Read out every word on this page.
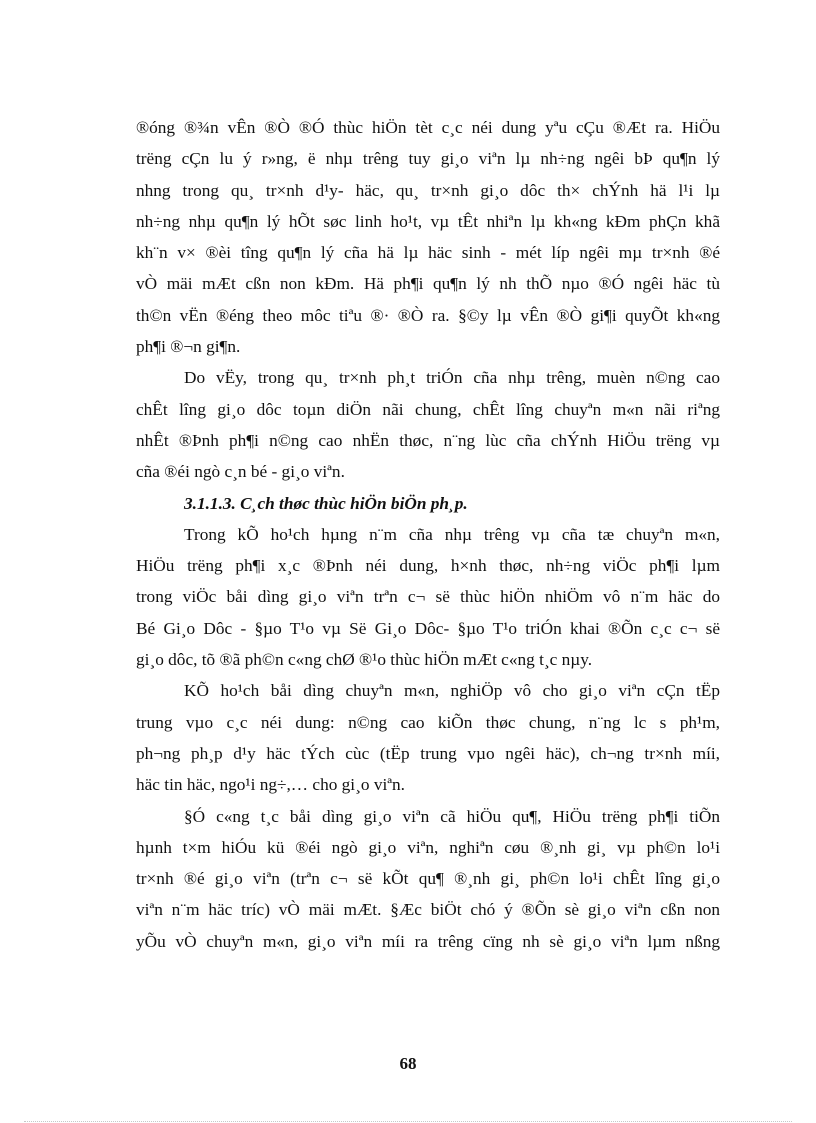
®óng ®¾n vÊn ®Ò ®Ó thùc hiÖn tèt c¸c néi dung yªu cÇu ®Æt ra. HiÖu
trëng cÇn lu ý r»ng, ë nhµ trêng tuy gi¸o viªn lµ nh÷ng ngêi bÞ qu¶n lý
nhng trong qu¸ tr×nh d¹y- häc, qu¸ tr×nh gi¸o dôc th× chÝnh hä l¹i lµ
nh÷ng nhµ qu¶n lý hÕt søc linh ho¹t, vµ tÊt nhiªn lµ kh«ng kÐm phÇn khã
kh¨n v× ®èi tîng qu¶n lý cña hä lµ häc sinh - mét líp ngêi mµ tr×nh ®é
vÒ mäi mÆt cßn non kÐm. Hä ph¶i qu¶n lý nh thÕ nµo ®Ó ngêi häc tù
th©n vËn ®éng theo môc tiªu ®· ®Ò ra. §©y lµ vÊn ®Ò gi¶i quyÕt kh«ng
ph¶i ®¬n gi¶n.

Do vËy, trong qu¸ tr×nh ph¸t triÓn cña nhµ trêng, muèn n©ng cao
chÊt lîng gi¸o dôc toµn diÖn nãi chung, chÊt lîng chuyªn m«n nãi riªng
nhÊt ®Þnh ph¶i n©ng cao nhËn thøc, n¨ng lùc cña chÝnh HiÖu trëng vµ
cña ®éi ngò c¸n bé - gi¸o viªn.

3.1.1.3. C¸ch thøc thùc hiÖn biÖn ph¸p.

Trong kÕ ho¹ch hµng n¨m cña nhµ trêng vµ cña tæ chuyªn m«n,
HiÖu trëng ph¶i x¸c ®Þnh néi dung, h×nh thøc, nh÷ng viÖc ph¶i lµm
trong viÖc båi dìng gi¸o viªn trªn c¬ së thùc hiÖn nhiÖm vô n¨m häc do
Bé Gi¸o Dôc - §µo T¹o vµ Së Gi¸o Dôc- §µo T¹o triÓn khai ®Õn c¸c c¬ së
gi¸o dôc, tõ ®ã ph©n c«ng chØ ®¹o thùc hiÖn mÆt c«ng t¸c nµy.

KÕ ho¹ch båi dìng chuyªn m«n, nghiÖp vô cho gi¸o viªn cÇn tËp
trung vµo c¸c néi dung: n©ng cao kiÕn thøc chung, n¨ng lc s ph¹m,
ph¬ng ph¸p d¹y häc tÝch cùc (tËp trung vµo ngêi häc), ch¬ng tr×nh míi,
häc tin häc, ngo¹i ng÷,… cho gi¸o viªn.

§Ó c«ng t¸c båi dìng gi¸o viªn cã hiÖu qu¶, HiÖu trëng ph¶i tiÕn
hµnh t×m hiÓu kü ®éi ngò gi¸o viªn, nghiªn cøu ®¸nh gi¸ vµ ph©n lo¹i
tr×nh ®é gi¸o viªn (trªn c¬ së kÕt qu¶ ®¸nh gi¸ ph©n lo¹i chÊt lîng gi¸o
viªn n¨m häc tríc) vÒ mäi mÆt. §Æc biÖt chó ý ®Õn sè gi¸o viªn cßn non
yÕu vÒ chuyªn m«n, gi¸o viªn míi ra trêng cïng nh sè gi¸o viªn lµm nßng

68
